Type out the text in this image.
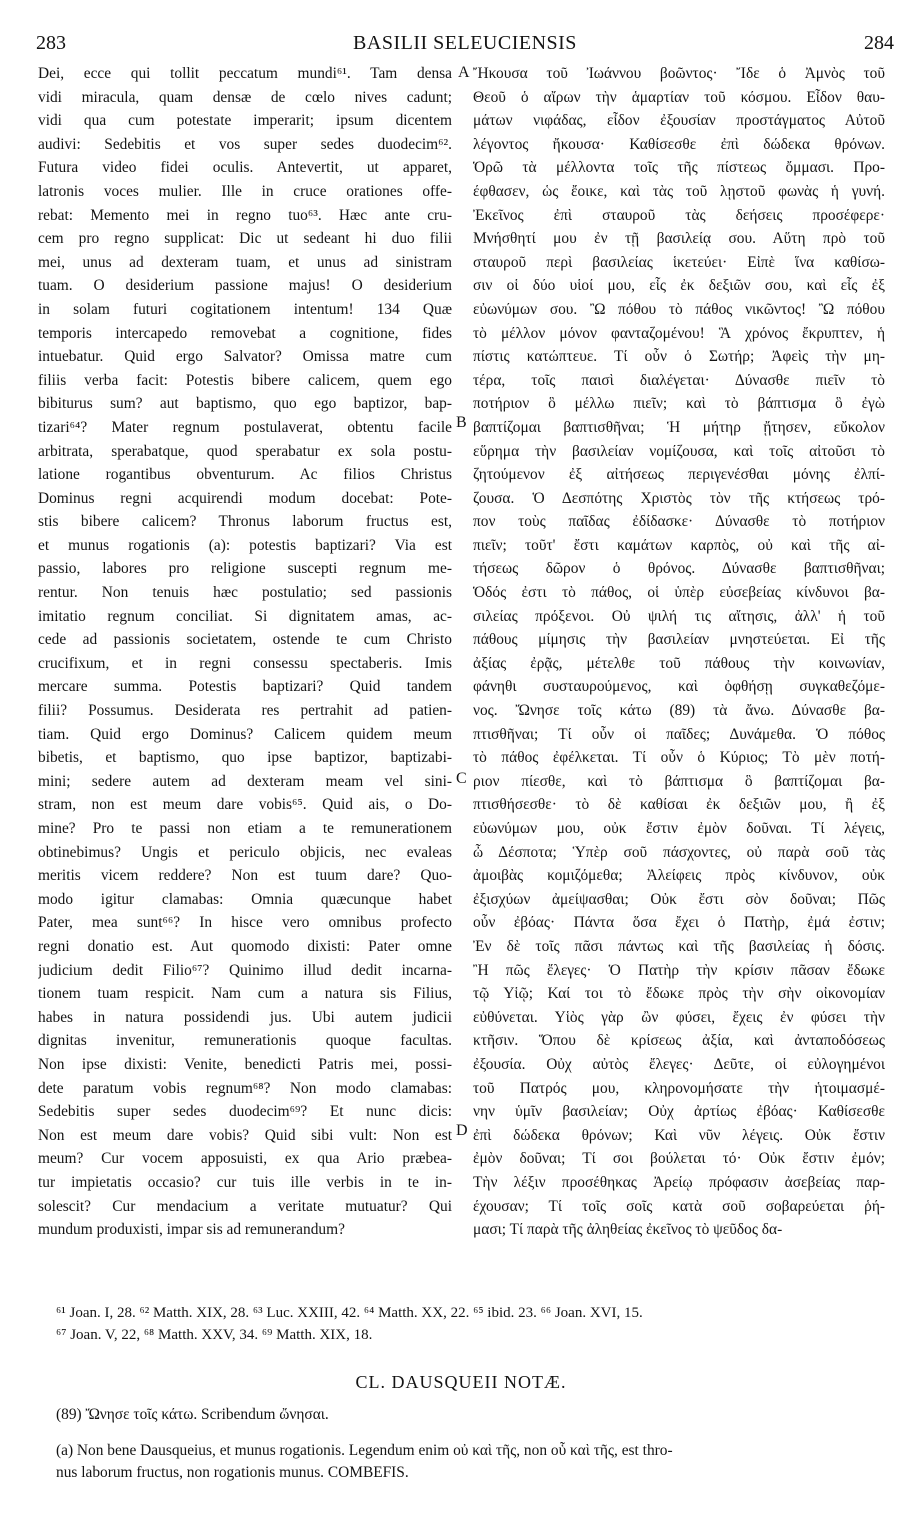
283	BASILII SELEUCIENSIS	284
Dei, ecce qui tollit peccatum mundi⁶¹. Tam densa
vidi miracula, quam densæ de cœlo nives cadunt;
vidi qua cum potestate imperarit; ipsum dicentem
audivi: Sedebitis et vos super sedes duodecim⁶².
Futura video fidei oculis. Antevertit, ut apparet,
latronis voces mulier. Ille in cruce orationes offe-
rebat: Memento mei in regno tuo⁶³. Hæc ante cru-
cem pro regno supplicat: Dic ut sedeant hi duo filii
mei, unus ad dexteram tuam, et unus ad sinistram
tuam. O desiderium passione majus! O desiderium
in solam futuri cogitationem intentum! 134 Quæ
temporis intercapedo removebat a cognitione, fides
intuebatur. Quid ergo Salvator? Omissa matre cum
filiis verba facit: Potestis bibere calicem, quem ego
bibiturus sum? aut baptismo, quo ego baptizor, bap-
tizari⁶⁴? Mater regnum postulaverat, obtentu facile
arbitrata, sperabatque, quod sperabatur ex sola postu-
latione rogantibus obventurum. Ac filios Christus
Dominus regni acquirendi modum docebat: Pote-
stis bibere calicem? Thronus laborum fructus est,
et munus rogationis (a): potestis baptizari? Via est
passio, labores pro religione suscepti regnum me-
rentur. Non tenuis hæc postulatio; sed passionis
imitatio regnum conciliat. Si dignitatem amas, ac-
cede ad passionis societatem, ostende te cum Christo
crucifixum, et in regni consessu spectaberis. Imis
mercare summa. Potestis baptizari? Quid tandem
filii? Possumus. Desiderata res pertrahit ad patien-
tiam. Quid ergo Dominus? Calicem quidem meum
bibetis, et baptismo, quo ipse baptizor, baptizabi-
mini; sedere autem ad dexteram meam vel sini-
stram, non est meum dare vobis⁶⁵. Quid ais, o Do-
mine? Pro te passi non etiam a te remunerationem
obtinebimus? Ungis et periculo objicis, nec evaleas
meritis vicem reddere? Non est tuum dare? Quo-
modo igitur clamabas: Omnia quæcunque habet
Pater, mea sunt⁶⁶? In hisce vero omnibus profecto
regni donatio est. Aut quomodo dixisti: Pater omne
judicium dedit Filio⁶⁷? Quinimo illud dedit incarna-
tionem tuam respicit. Nam cum a natura sis Filius,
habes in natura possidendi jus. Ubi autem judicii
dignitas invenitur, remunerationis quoque facultas.
Non ipse dixisti: Venite, benedicti Patris mei, possi-
dete paratum vobis regnum⁶⁸? Non modo clamabas:
Sedebitis super sedes duodecim⁶⁹? Et nunc dicis:
Non est meum dare vobis? Quid sibi vult: Non est
meum? Cur vocem apposuisti, ex qua Ario præbea-
tur impietatis occasio? cur tuis ille verbis in te in-
solescit? Cur mendacium a veritate mutuatur? Qui
mundum produxisti, impar sis ad remunerandum?
Ἤκουσα τοῦ Ἰωάννου βοῶντος· Ἴδε ὁ Ἀμνὸς τοῦ
Θεοῦ ὁ αἴρων τὴν ἁμαρτίαν τοῦ κόσμου. Εἶδον θαυ-
μάτων νιφάδας, εἶδον ἐξουσίαν προστάγματος Αὐτοῦ
λέγοντος ἤκουσα· Καθίσεσθε ἐπὶ δώδεκα θρόνων.
Ὁρῶ τὰ μέλλοντα τοῖς τῆς πίστεως ὄμμασι. Προ-
έφθασεν, ὡς ἔοικε, καὶ τὰς τοῦ λῃστοῦ φωνὰς ἡ γυνή.
Ἐκεῖνος ἐπὶ σταυροῦ τὰς δεήσεις προσέφερε·
Μνήσθητί μου ἐν τῇ βασιλείᾳ σου. Αὕτη πρὸ τοῦ
σταυροῦ περὶ βασιλείας ἱκετεύει· Εἰπὲ ἵνα καθίσω-
σιν οἱ δύο υἱοί μου, εἷς ἐκ δεξιῶν σου, καὶ εἷς ἐξ
εὐωνύμων σου. Ὢ πόθου τὸ πάθος νικῶντος! Ὢ πόθου
τὸ μέλλον μόνον φανταζομένου! Ἃ χρόνος ἔκρυπτεν, ἡ
πίστις κατώπτευε. Τί οὖν ὁ Σωτήρ; Ἀφεὶς τὴν μη-
τέρα, τοῖς παισὶ διαλέγεται· Δύνασθε πιεῖν τὸ
ποτήριον ὃ μέλλω πιεῖν; καὶ τὸ βάπτισμα ὃ ἐγὼ
βαπτίζομαι βαπτισθῆναι; Ἡ μήτηρ ᾔτησεν, εὔκολον
εὕρημα τὴν βασιλείαν νομίζουσα, καὶ τοῖς αἰτοῦσι τὸ
ζητούμενον ἐξ αἰτήσεως περιγενέσθαι μόνης ἐλπί-
ζουσα. Ὁ Δεσπότης Χριστὸς τὸν τῆς κτήσεως τρό-
πον τοὺς παῖδας ἐδίδασκε· Δύνασθε τὸ ποτήριον
πιεῖν; τοῦτ' ἔστι καμάτων καρπὸς, οὐ καὶ τῆς αἰ-
τήσεως δῶρον ὁ θρόνος. Δύνασθε βαπτισθῆναι;
Ὁδός ἐστι τὸ πάθος, οἱ ὑπὲρ εὐσεβείας κίνδυνοι βα-
σιλείας πρόξενοι. Οὐ ψιλή τις αἴτησις, ἀλλ' ἡ τοῦ
πάθους μίμησις τὴν βασιλείαν μνηστεύεται. Εἰ τῆς
ἀξίας ἐρᾷς, μέτελθε τοῦ πάθους τὴν κοινωνίαν,
φάνηθι συσταυρούμενος, καὶ ὀφθήσῃ συγκαθεζόμε-
νος. Ὤνησε τοῖς κάτω (89) τὰ ἄνω. Δύνασθε βα-
πτισθῆναι; Τί οὖν οἱ παῖδες; Δυνάμεθα. Ὁ πόθος
τὸ πάθος ἐφέλκεται. Τί οὖν ὁ Κύριος; Τὸ μὲν ποτή-
ριον πίεσθε, καὶ τὸ βάπτισμα ὃ βαπτίζομαι βα-
πτισθήσεσθε· τὸ δὲ καθίσαι ἐκ δεξιῶν μου, ἢ ἐξ
εὐωνύμων μου, οὐκ ἔστιν ἐμὸν δοῦναι. Τί λέγεις,
ὦ Δέσποτα; Ὑπὲρ σοῦ πάσχοντες, οὐ παρὰ σοῦ τὰς
ἀμοιβὰς κομιζόμεθα; Ἀλείφεις πρὸς κίνδυνον, οὐκ
ἐξισχύων ἀμείψασθαι; Οὐκ ἔστι σὸν δοῦναι; Πῶς
οὖν ἐβόας· Πάντα ὅσα ἔχει ὁ Πατὴρ, ἐμά ἐστιν;
Ἐν δὲ τοῖς πᾶσι πάντως καὶ τῆς βασιλείας ἡ δόσις.
Ἢ πῶς ἔλεγες· Ὁ Πατὴρ τὴν κρίσιν πᾶσαν ἔδωκε
τῷ Υἱῷ; Καί τοι τὸ ἔδωκε πρὸς τὴν σὴν οἰκονομίαν
εὐθύνεται. Υἱὸς γὰρ ὢν φύσει, ἔχεις ἐν φύσει τὴν
κτῆσιν. Ὅπου δὲ κρίσεως ἀξία, καὶ ἀνταποδόσεως
ἐξουσία. Οὐχ αὐτὸς ἔλεγες· Δεῦτε, οἱ εὐλογημένοι
τοῦ Πατρός μου, κληρονομήσατε τὴν ἡτοιμασμέ-
νην ὑμῖν βασιλείαν; Οὐχ ἀρτίως ἐβόας· Καθίσεσθε
ἐπὶ δώδεκα θρόνων; Καὶ νῦν λέγεις. Οὐκ ἔστιν
ἐμὸν δοῦναι; Τί σοι βούλεται τό· Οὐκ ἔστιν ἐμόν;
Τὴν λέξιν προσέθηκας Ἀρείῳ πρόφασιν ἀσεβείας παρ-
έχουσαν; Τί τοῖς σοῖς κατὰ σοῦ σοβαρεύεται ῥή-
μασι; Τί παρὰ τῆς ἀληθείας ἐκεῖνος τὸ ψεῦδος δα-
A
B
C
D
⁶¹ Joan. I, 28. ⁶² Matth. XIX, 28. ⁶³ Luc. XXIII, 42. ⁶⁴ Matth. XX, 22. ⁶⁵ ibid. 23. ⁶⁶ Joan. XVI, 15.
⁶⁷ Joan. V, 22, ⁶⁸ Matth. XXV, 34. ⁶⁹ Matth. XIX, 18.
CL. DAUSQUEII NOTÆ.
(89) Ὤνησε τοῖς κάτω. Scribendum ὤνησαι.
(a) Non bene Dausqueius, et munus rogationis. Legendum enim οὐ καὶ τῆς, non οὗ καὶ τῆς, est thro-
nus laborum fructus, non rogationis munus. COMBEFIS.
